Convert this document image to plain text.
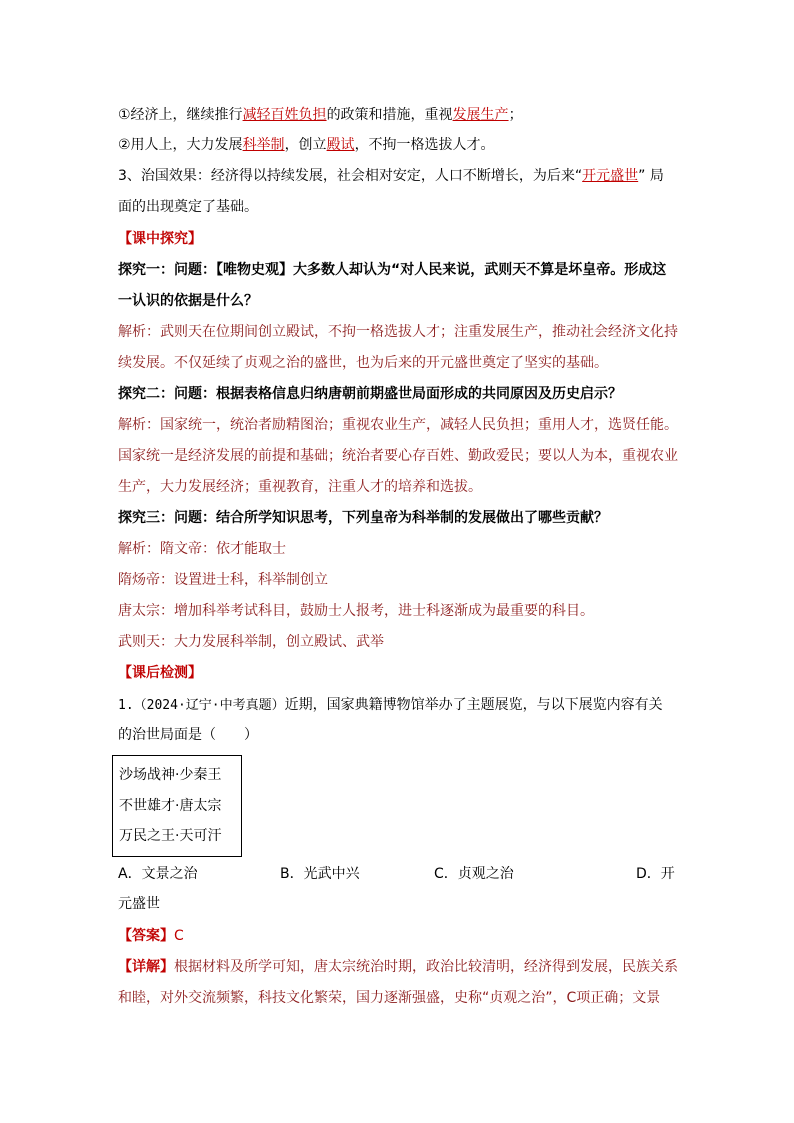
①经济上，继续推行减轻百姓负担的政策和措施，重视发展生产；
②用人上，大力发展科举制，创立殿试，不拘一格选拔人才。
3、治国效果：经济得以持续发展，社会相对安定，人口不断增长，为后来“开元盛世” 局
面的出现奠定了基础。
【课中探究】
探究一：问题：【唯物史观】大多数人却认为“对人民来说，武则天不算是坏皇帝。形成这
一认识的依据是什么？
解析：武则天在位期间创立殿试，不拘一格选拔人才；注重发展生产，推动社会经济文化持
续发展。不仅延续了贞观之治的盛世，也为后来的开元盛世奠定了坚实的基础。
探究二：问题：根据表格信息归纳唐朝前期盛世局面形成的共同原因及历史启示？
解析：国家统一，统治者励精图治；重视农业生产，减轻人民负担；重用人才，选贤任能。
国家统一是经济发展的前提和基础；统治者要心存百姓、勤政爱民；要以人为本，重视农业
生产，大力发展经济；重视教育，注重人才的培养和选拔。
探究三：问题：结合所学知识思考，下列皇帝为科举制的发展做出了哪些贡献？
解析：隋文帝：依才能取士
隋炀帝：设置进士科，科举制创立
唐太宗：增加科举考试科目，鼓励士人报考，进士科逐渐成为最重要的科目。
武则天：大力发展科举制，创立殿试、武举
【课后检测】
1.（2024·辽宁·中考真题）近期，国家典籍博物馆举办了主题展览，与以下展览内容有关
的治世局面是（　　）
沙场战神·少秦王
不世雄才·唐太宗
万民之王·天可汗
A．文景之治	B．光武中兴	C．贞观之治	D．开
元盛世
【答案】C
【详解】根据材料及所学可知，唐太宗统治时期，政治比较清明，经济得到发展，民族关系
和睦，对外交流频繁，科技文化繁荣，国力逐渐强盛，史称“贞观之治”，C项正确；文景
